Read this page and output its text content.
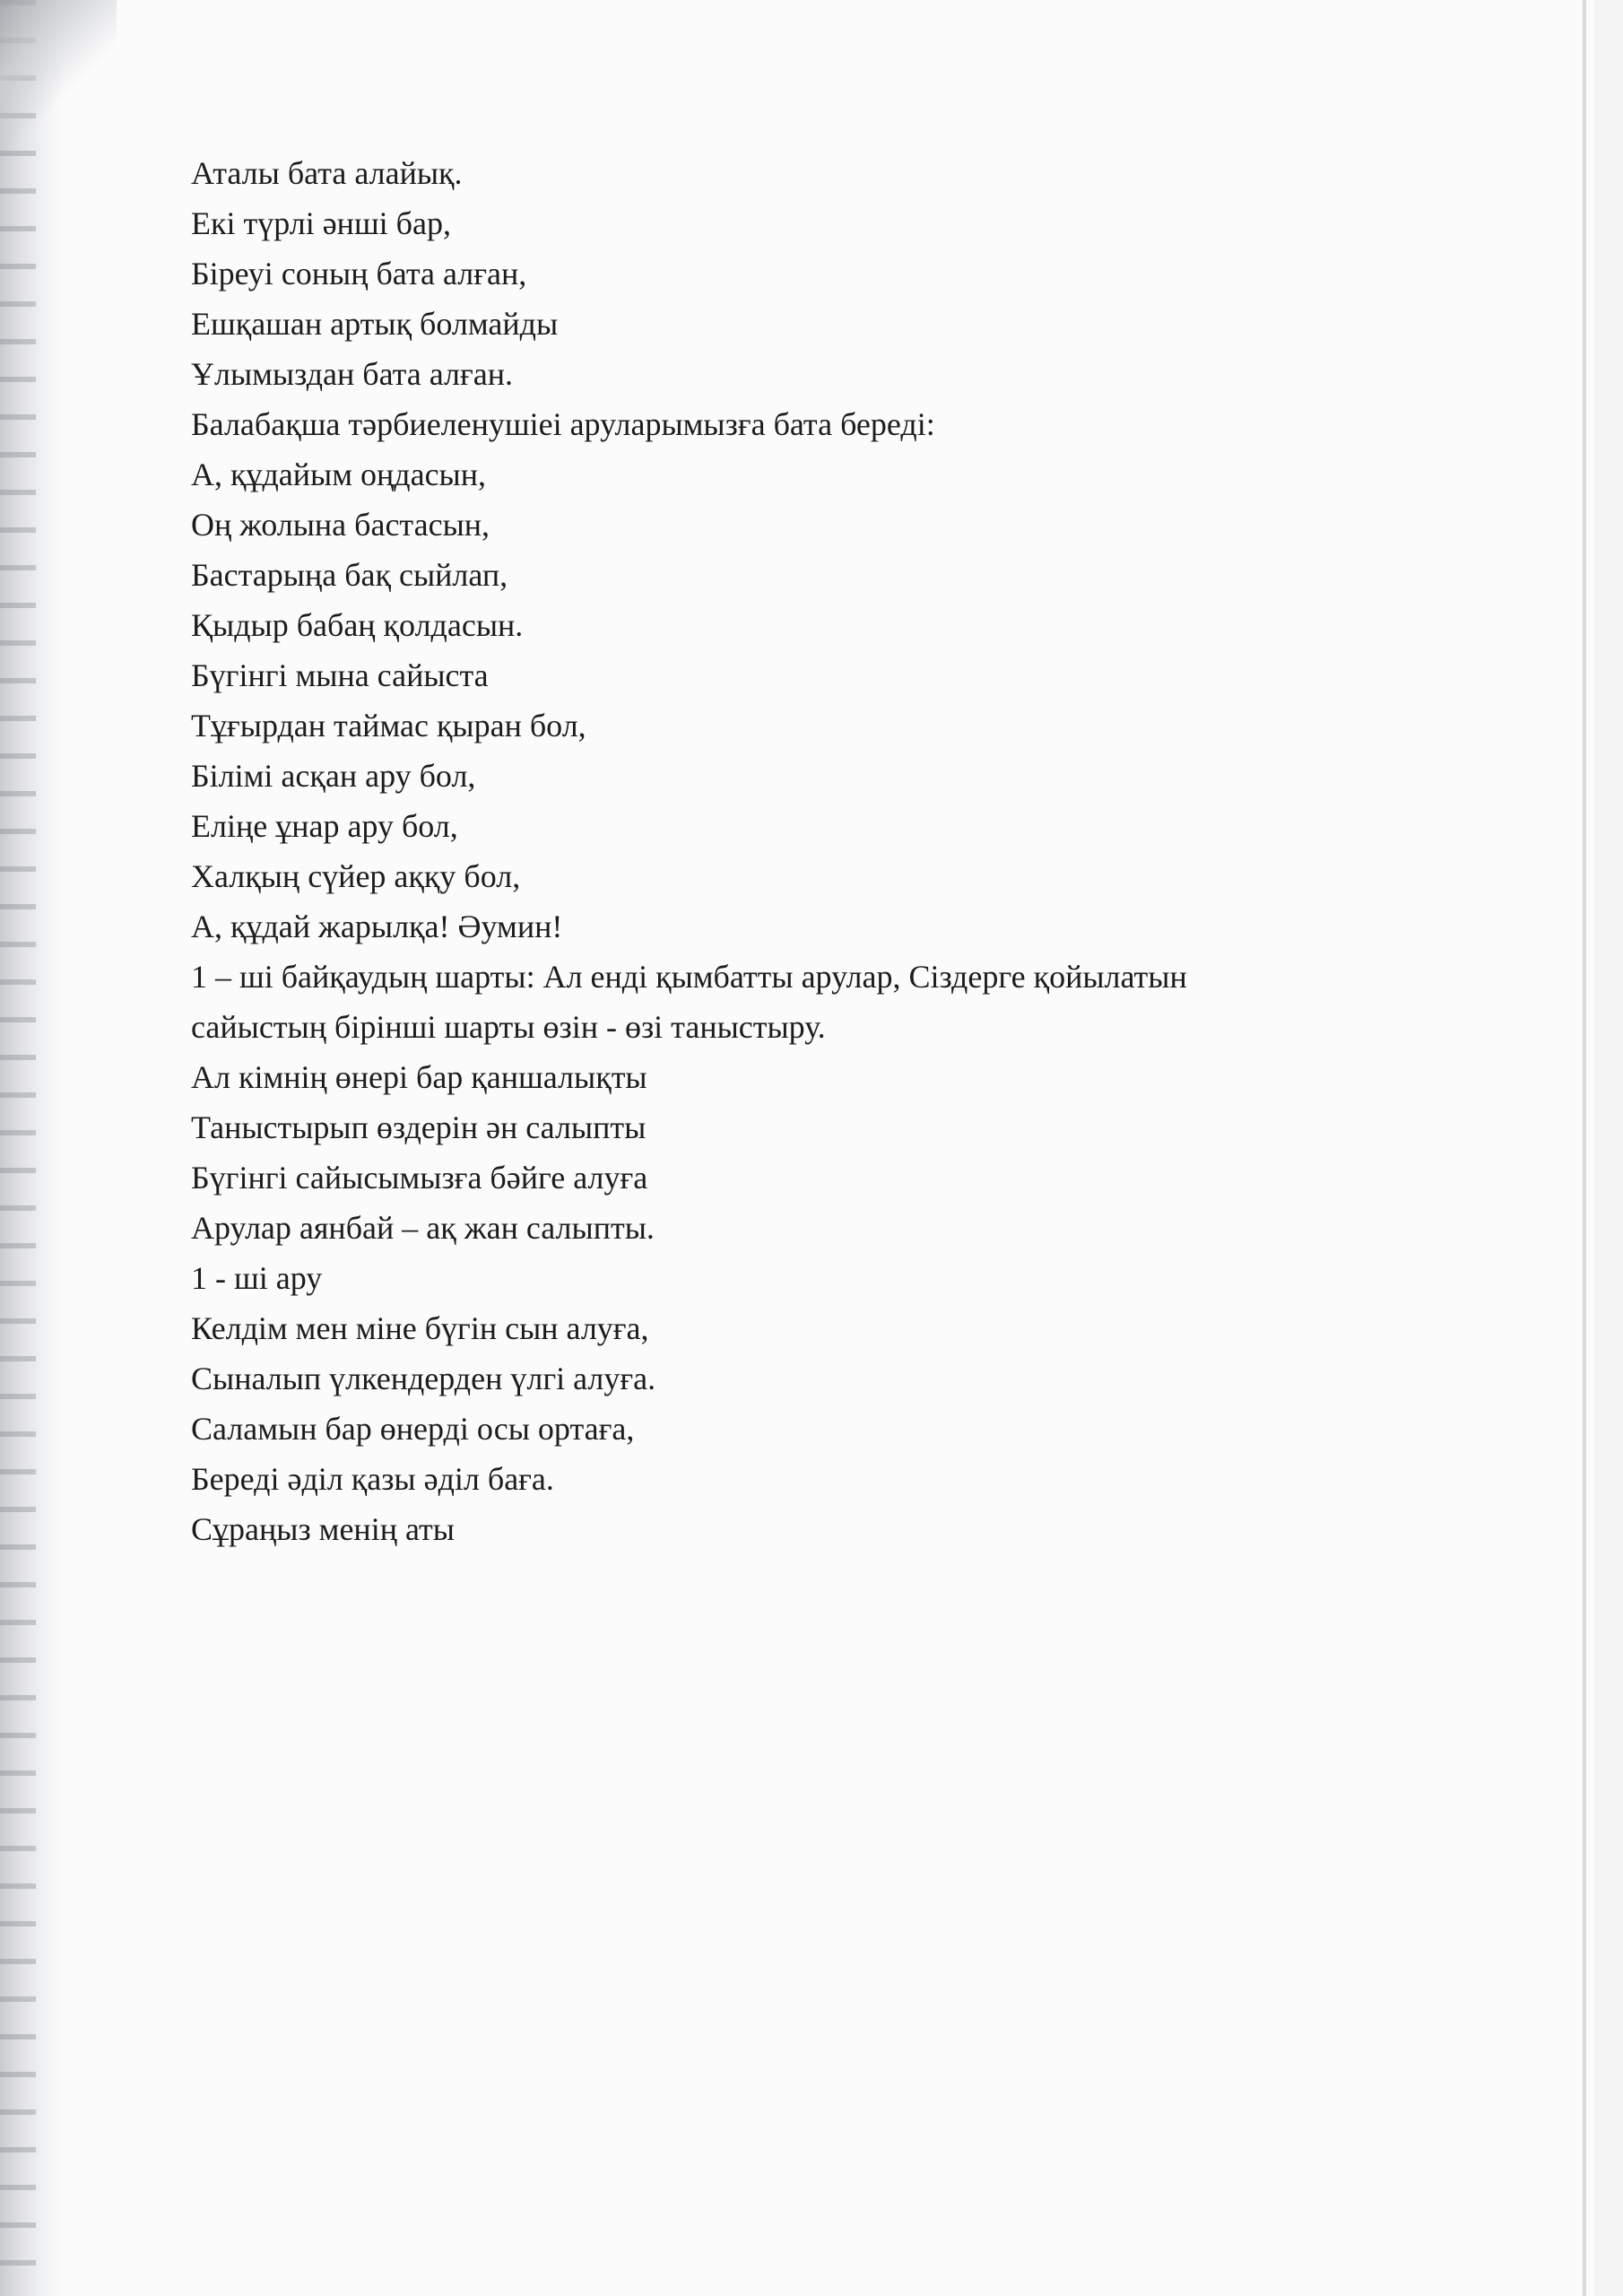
Аталы бата алайық.

Екі түрлі әнші бар,

Біреуі соның бата алған,

Ешқашан артық болмайды

Ұлымыздан бата алған.

Балабақша тәрбиеленушіеі аруларымызға бата береді:

А, құдайым оңдасын,

Оң жолына бастасын,

Бастарыңа бақ сыйлап,

Қыдыр бабаң қолдасын.

Бүгінгі мына сайыста

Тұғырдан таймас қыран бол,

Білімі асқан ару бол,

Еліңе ұнар ару бол,

Халқың сүйер аққу бол,

А, құдай жарылқа! Әумин!

1 – ші байқаудың шарты: Ал енді қымбатты арулар, Сіздерге қойылатын

сайыстың бірінші шарты өзін - өзі таныстыру.

Ал кімнің өнері бар қаншалықты

Таныстырып өздерін ән салыпты

Бүгінгі сайысымызға бәйге алуға

Арулар аянбай – ақ жан салыпты.

1 - ші ару

Келдім мен міне бүгін сын алуға,

Сыналып үлкендерден үлгі алуға.

Саламын бар өнерді осы ортаға,

Береді әділ қазы әділ баға.

Сұраңыз менің аты
